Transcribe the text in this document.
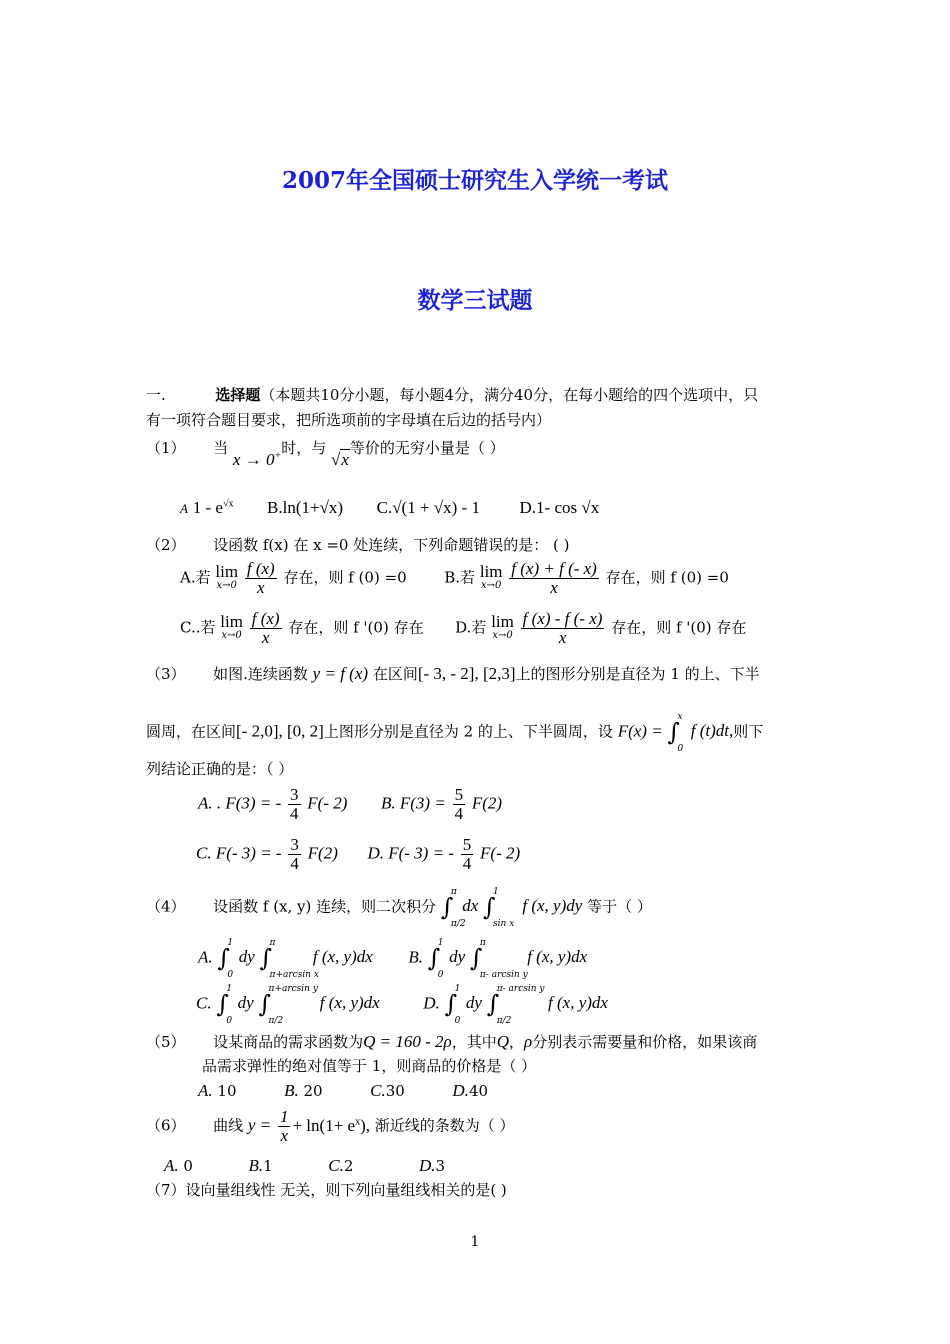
2007年全国硕士研究生入学统一考试
数学三试题
一.	选择题（本题共10分小题，每小题4分，满分40分，在每小题给的四个选项中，只
有一项符合题目要求，把所选项前的字母填在后边的括号内）
（1） 当 x → 0+时，与 √x等价的无穷小量是（ ）
A $1 - e^{√x}$ B.ln(1+√x) C.√(1 + √x) - 1 D.1- cos √x
（2） 设函数 f(x) 在 x =0 处连续，下列命题错误的是： ( )
A.若 lim
x→0
$\frac{f (x)}{x}$ 存在，则 f (0) =0	B.若 lim
x→0
$\frac{f (x) + f (- x)}{x}$ 存在，则 f (0) =0
C..若 lim
x→0
$\frac{f (x)}{x}$ 存在，则 f '(0) 存在 D.若 lim
x→0
$\frac{f (x) - f (- x)}{x}$ 存在，则 f '(0) 存在
（3） 如图.连续函数 y = f (x) 在区间[- 3, - 2], [2,3]上的图形分别是直径为 1 的上、下半
圆周，在区间[- 2,0], [0, 2]上图形分别是直径为 2 的上、下半圆周，设 F(x) = ∫
x
0
f (t)dt,则下
列结论正确的是：（ ）
A. . F(3) = - $\frac{3}{4} F(-$ 2) B. $F(3) = \frac{5}{4} F(2)$
C. F(- 3) = - $\frac{3}{4} F(2)$ D. F(- 3) = - $\frac{5}{4} F(-$ 2)
（4） 设函数 f (x, y) 连续，则二次积分 ∫
π
π/2
dx ∫
1
sin x
f (x, y)dy 等于（ ）
A. ∫
1
0
dy ∫
π
π+arcsin x
f (x, y)dx B. ∫
1
0
dy ∫
π
π- arcsin y
f (x, y)dx
C. ∫
1
0
dy ∫
π+arcsin y
π/2
f (x, y)dx	D. ∫
1
0
dy ∫
π- arcsin y
π/2
f (x, y)dx
（5） 设某商品的需求函数为Q = 160 - 2ρ，其中Q，ρ分别表示需要量和价格，如果该商
品需求弹性的绝对值等于 1，则商品的价格是（ ）
A. 10	B. 20	C.30	D.40
（6） 曲线 $y = \frac{1}{x} + \ln(1+ e^x)$, 渐近线的条数为（ ）
A. 0	B.1	C.2	D.3
（7）设向量组线性 无关，则下列向量组线相关的是( )
1
